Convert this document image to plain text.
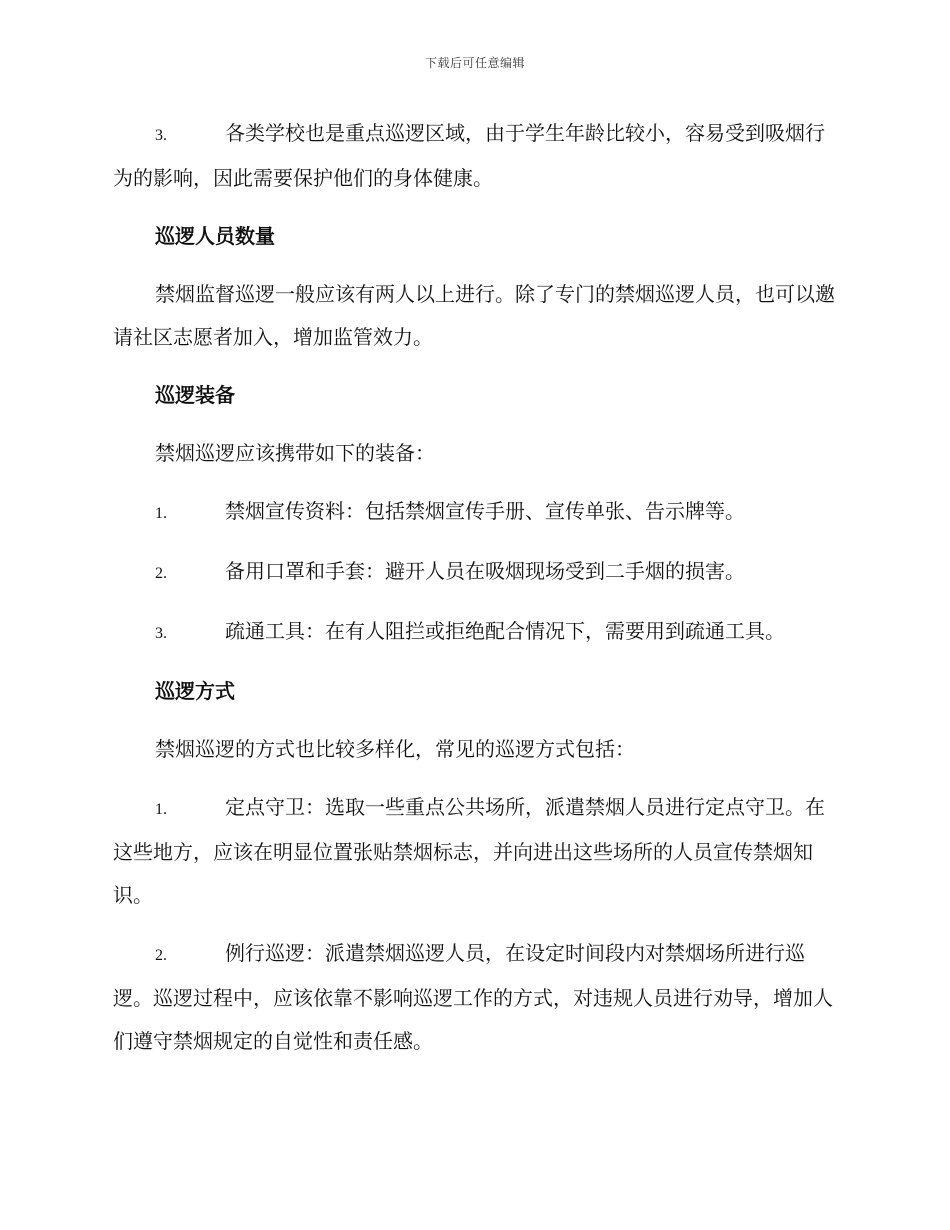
下载后可任意编辑
3.	各类学校也是重点巡逻区域，由于学生年龄比较小，容易受到吸烟行为的影响，因此需要保护他们的身体健康。
巡逻人员数量
禁烟监督巡逻一般应该有两人以上进行。除了专门的禁烟巡逻人员，也可以邀请社区志愿者加入，增加监管效力。
巡逻装备
禁烟巡逻应该携带如下的装备：
1.	禁烟宣传资料：包括禁烟宣传手册、宣传单张、告示牌等。
2.	备用口罩和手套：避开人员在吸烟现场受到二手烟的损害。
3.	疏通工具：在有人阻拦或拒绝配合情况下，需要用到疏通工具。
巡逻方式
禁烟巡逻的方式也比较多样化，常见的巡逻方式包括：
1.	定点守卫：选取一些重点公共场所，派遣禁烟人员进行定点守卫。在这些地方，应该在明显位置张贴禁烟标志，并向进出这些场所的人员宣传禁烟知识。
2.	例行巡逻：派遣禁烟巡逻人员，在设定时间段内对禁烟场所进行巡逻。巡逻过程中，应该依靠不影响巡逻工作的方式，对违规人员进行劝导，增加人们遵守禁烟规定的自觉性和责任感。
